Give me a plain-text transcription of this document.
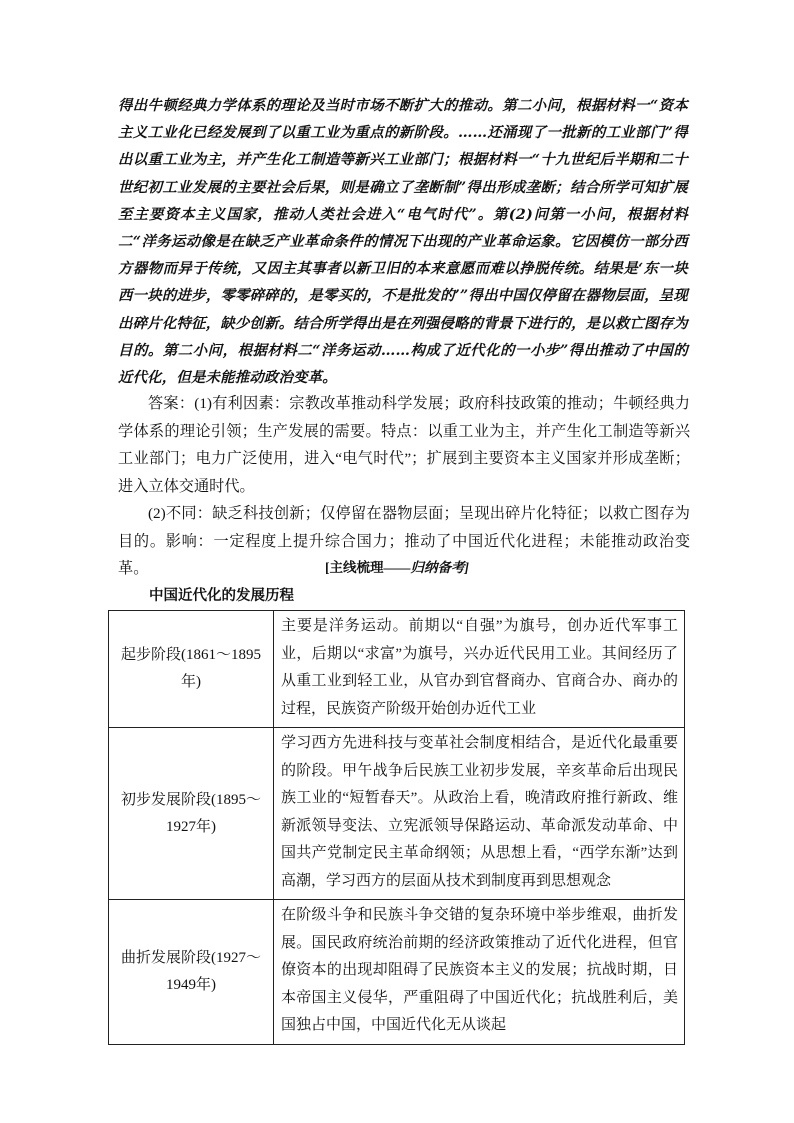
得出牛顿经典力学体系的理论及当时市场不断扩大的推动。第二小问，根据材料一“资本主义工业化已经发展到了以重工业为重点的新阶段。……还涌现了一批新的工业部门”得出以重工业为主，并产生化工制造等新兴工业部门；根据材料一“十九世纪后半期和二十世纪初工业发展的主要社会后果，则是确立了垄断制”得出形成垄断；结合所学可知扩展至主要资本主义国家，推动人类社会进入“电气时代”。第(2)问第一小问，根据材料二“洋务运动像是在缺乏产业革命条件的情况下出现的产业革命运象。它因模仿一部分西方器物而异于传统，又因主其事者以新卫旧的本来意愿而难以挣脱传统。结果是‘东一块西一块的进步，零零碎碎的，是零买的，不是批发的’”得出中国仅停留在器物层面，呈现出碎片化特征，缺少创新。结合所学得出是在列强侵略的背景下进行的，是以救亡图存为目的。第二小问，根据材料二“洋务运动……构成了近代化的一小步”得出推动了中国的近代化，但是未能推动政治变革。

答案：(1)有利因素：宗教改革推动科学发展；政府科技政策的推动；牛顿经典力学体系的理论引领；生产发展的需要。特点：以重工业为主，并产生化工制造等新兴工业部门；电力广泛使用，进入“电气时代”；扩展到主要资本主义国家并形成垄断；进入立体交通时代。

(2)不同：缺乏科技创新；仅停留在器物层面；呈现出碎片化特征；以救亡图存为目的。影响：一定程度上提升综合国力；推动了中国近代化进程；未能推动政治变革。	[主线梳理——归纳备考]
中国近代化的发展历程
起步阶段(1861～1895年)	主要是洋务运动。前期以“自强”为旗号，创办近代军事工业，后期以“求富”为旗号，兴办近代民用工业。其间经历了从重工业到轻工业，从官办到官督商办、官商合办、商办的过程，民族资产阶级开始创办近代工业
初步发展阶段(1895～1927年)	学习西方先进科技与变革社会制度相结合，是近代化最重要的阶段。甲午战争后民族工业初步发展，辛亥革命后出现民族工业的“短暂春天”。从政治上看，晚清政府推行新政、维新派领导变法、立宪派领导保路运动、革命派发动革命、中国共产党制定民主革命纲领；从思想上看，“西学东渐”达到高潮，学习西方的层面从技术到制度再到思想观念
曲折发展阶段(1927～1949年)	在阶级斗争和民族斗争交错的复杂环境中举步维艰，曲折发展。国民政府统治前期的经济政策推动了近代化进程，但官僚资本的出现却阻碍了民族资本主义的发展；抗战时期，日本帝国主义侵华，严重阻碍了中国近代化；抗战胜利后，美国独占中国，中国近代化无从谈起
